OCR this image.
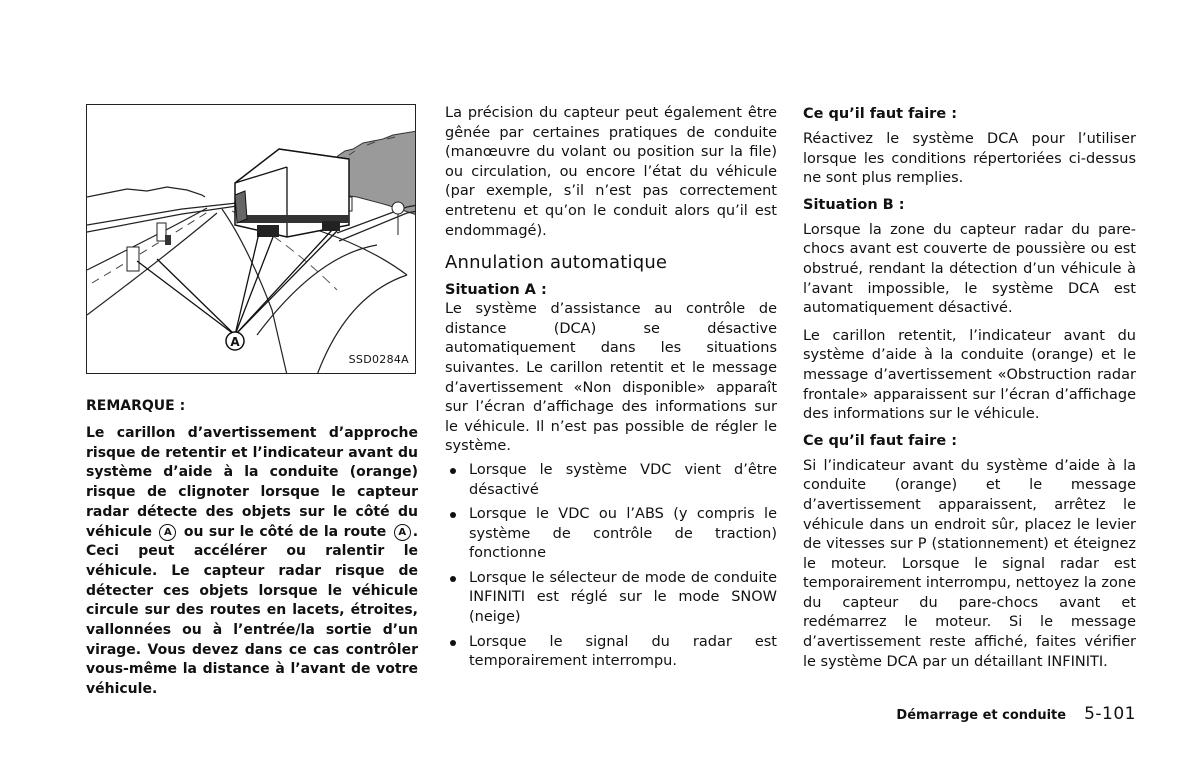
A
SSD0284A

REMARQUE :

Le carillon d’avertissement d’approche risque de retentir et l’indicateur avant du système d’aide à la conduite (orange) risque de clignoter lorsque le capteur radar détecte des objets sur le côté du véhicule A ou sur le côté de la route A . Ceci peut accélérer ou ralentir le véhicule. Le capteur radar risque de détecter ces objets lorsque le véhicule circule sur des routes en lacets, étroites, vallonnées ou à l’entrée/la sortie d’un virage. Vous devez dans ce cas contrôler vous-même la distance à l’avant de votre véhicule.

La précision du capteur peut également être gênée par certaines pratiques de conduite (manœuvre du volant ou position sur la file) ou circulation, ou encore l’état du véhicule (par exemple, s’il n’est pas correctement entretenu et qu’on le conduit alors qu’il est endommagé).

Annulation automatique

Situation A :

Le système d’assistance au contrôle de distance (DCA) se désactive automatiquement dans les situations suivantes. Le carillon retentit et le message d’avertissement «Non disponible» apparaît sur l’écran d’affichage des informations sur le véhicule. Il n’est pas possible de régler le système.

Lorsque le système VDC vient d’être désactivé
Lorsque le VDC ou l’ABS (y compris le système de contrôle de traction) fonctionne
Lorsque le sélecteur de mode de conduite INFINITI est réglé sur le mode SNOW (neige)
Lorsque le signal du radar est temporairement interrompu.

Ce qu’il faut faire :

Réactivez le système DCA pour l’utiliser lorsque les conditions répertoriées ci-dessus ne sont plus remplies.

Situation B :

Lorsque la zone du capteur radar du pare-chocs avant est couverte de poussière ou est obstrué, rendant la détection d’un véhicule à l’avant impossible, le système DCA est automatiquement désactivé.

Le carillon retentit, l’indicateur avant du système d’aide à la conduite (orange) et le message d’avertissement «Obstruction radar frontale» apparaissent sur l’écran d’affichage des informations sur le véhicule.

Ce qu’il faut faire :

Si l’indicateur avant du système d’aide à la conduite (orange) et le message d’avertissement apparaissent, arrêtez le véhicule dans un endroit sûr, placez le levier de vitesses sur P (stationnement) et éteignez le moteur. Lorsque le signal radar est temporairement interrompu, nettoyez la zone du capteur du pare-chocs avant et redémarrez le moteur. Si le message d’avertissement reste affiché, faites vérifier le système DCA par un détaillant INFINITI.

Démarrage et conduite 5-101
